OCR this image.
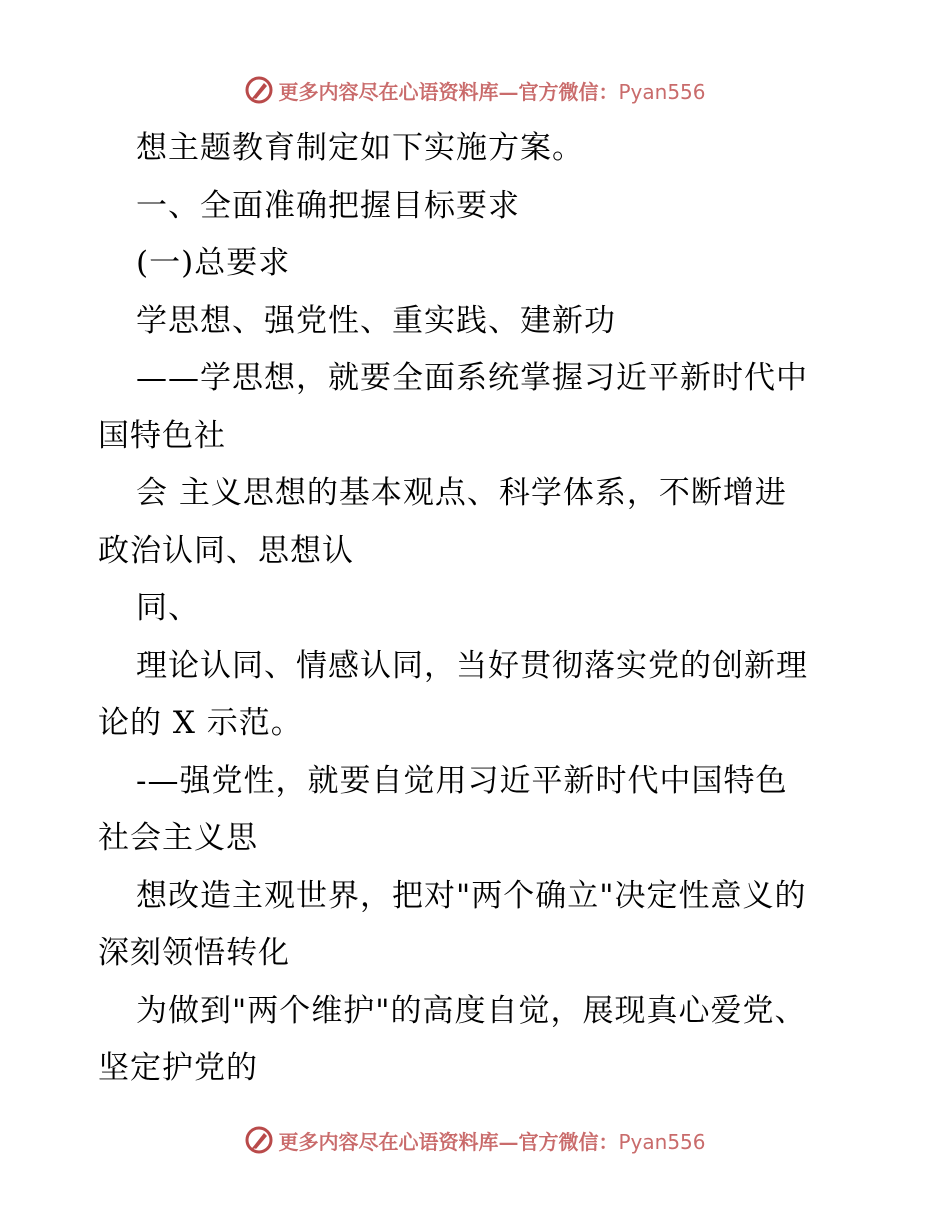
更多内容尽在心语资料库—官方微信：Pyan556
想主题教育制定如下实施方案。
一、全面准确把握目标要求
(一)总要求
学思想、强党性、重实践、建新功
——学思想，就要全面系统掌握习近平新时代中
国特色社
会 主义思想的基本观点、科学体系，不断增进
政治认同、思想认
同、
理论认同、情感认同，当好贯彻落实党的创新理
论的 X 示范。
-—强党性，就要自觉用习近平新时代中国特色
社会主义思
想改造主观世界，把对"两个确立"决定性意义的
深刻领悟转化
为做到"两个维护"的高度自觉，展现真心爱党、
坚定护党的
更多内容尽在心语资料库—官方微信：Pyan556
